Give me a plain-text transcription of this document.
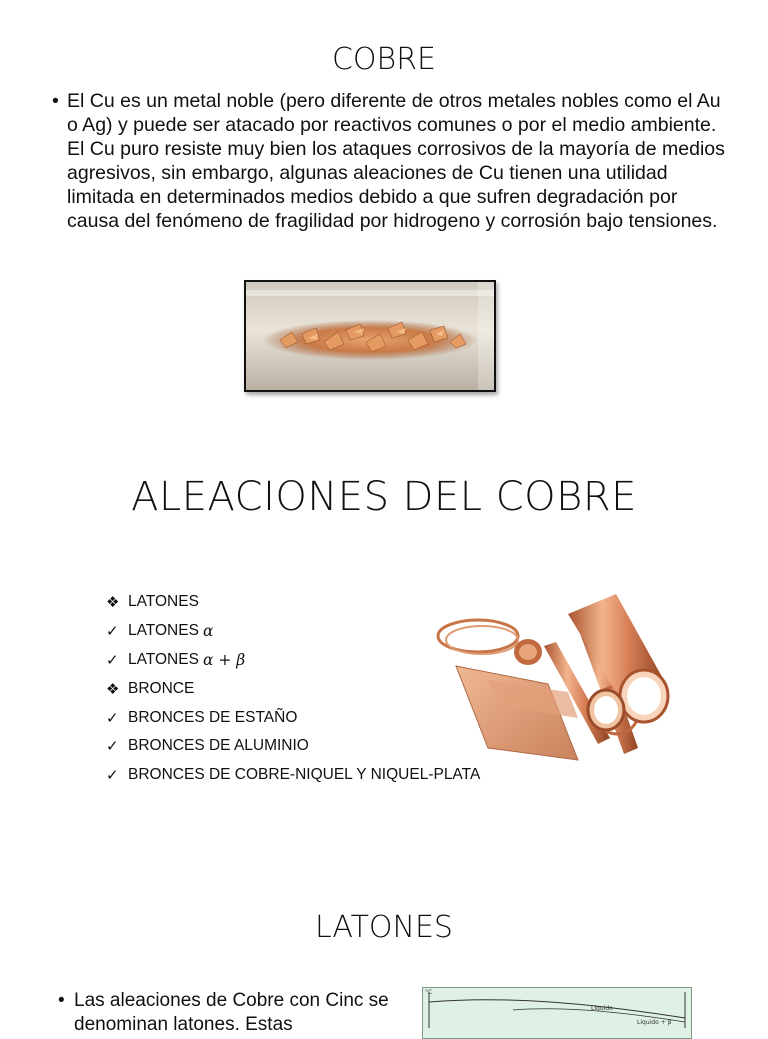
COBRE
• El Cu es un metal noble (pero diferente de otros metales nobles como el Au o Ag) y puede ser atacado por reactivos comunes o por el medio ambiente. El Cu puro resiste muy bien los ataques corrosivos de la mayoría de medios agresivos, sin embargo, algunas aleaciones de Cu tienen una utilidad limitada en determinados medios debido a que sufren degradación por causa del fenómeno de fragilidad por hidrogeno y corrosión bajo tensiones.
ALEACIONES DEL COBRE
❖ LATONES
✓ LATONES α
✓ LATONES α + β
❖ BRONCE
✓ BRONCES DE ESTAÑO
✓ BRONCES DE ALUMINIO
✓ BRONCES DE COBRE-NIQUEL Y NIQUEL-PLATA
LATONES
• Las aleaciones de Cobre con Cinc se denominan latones. Estas
°C
Liquido
Liquido + β
